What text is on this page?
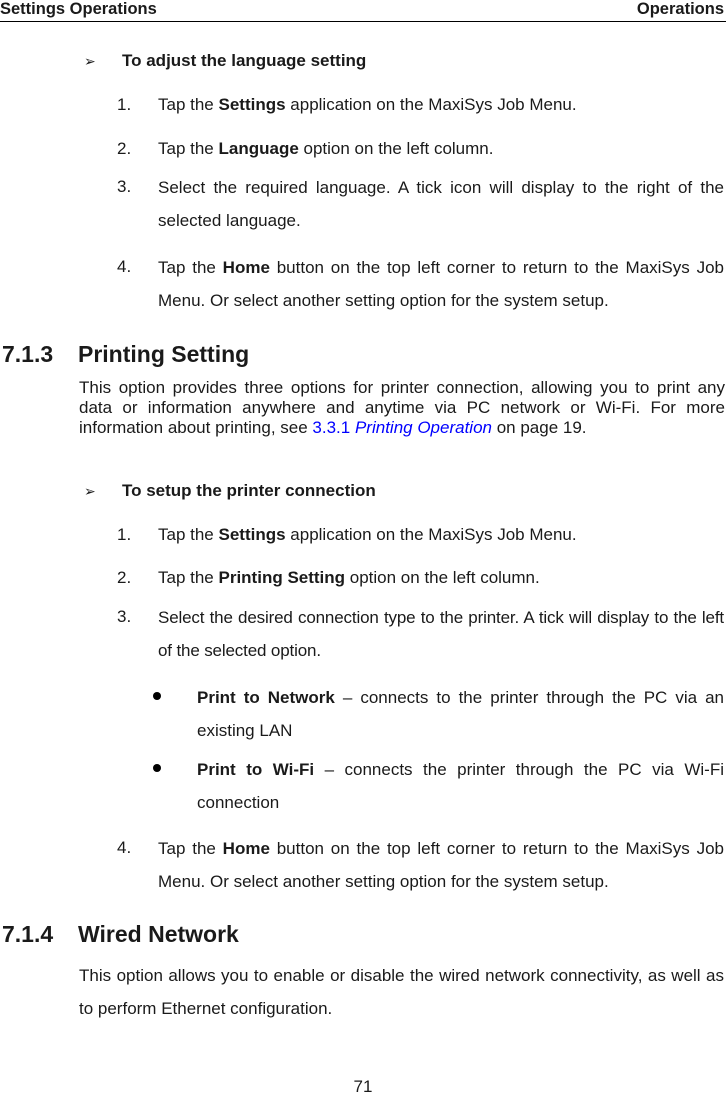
Settings Operations	Operations
➢ To adjust the language setting
1. Tap the Settings application on the MaxiSys Job Menu.
2. Tap the Language option on the left column.
3. Select the required language. A tick icon will display to the right of the selected language.
4. Tap the Home button on the top left corner to return to the MaxiSys Job Menu. Or select another setting option for the system setup.
7.1.3 Printing Setting
This option provides three options for printer connection, allowing you to print any data or information anywhere and anytime via PC network or Wi-Fi. For more information about printing, see 3.3.1 Printing Operation on page 19.
➢ To setup the printer connection
1. Tap the Settings application on the MaxiSys Job Menu.
2. Tap the Printing Setting option on the left column.
3. Select the desired connection type to the printer. A tick will display to the left of the selected option.
Print to Network – connects to the printer through the PC via an existing LAN
Print to Wi-Fi – connects the printer through the PC via Wi-Fi connection
4. Tap the Home button on the top left corner to return to the MaxiSys Job Menu. Or select another setting option for the system setup.
7.1.4 Wired Network
This option allows you to enable or disable the wired network connectivity, as well as to perform Ethernet configuration.
71
